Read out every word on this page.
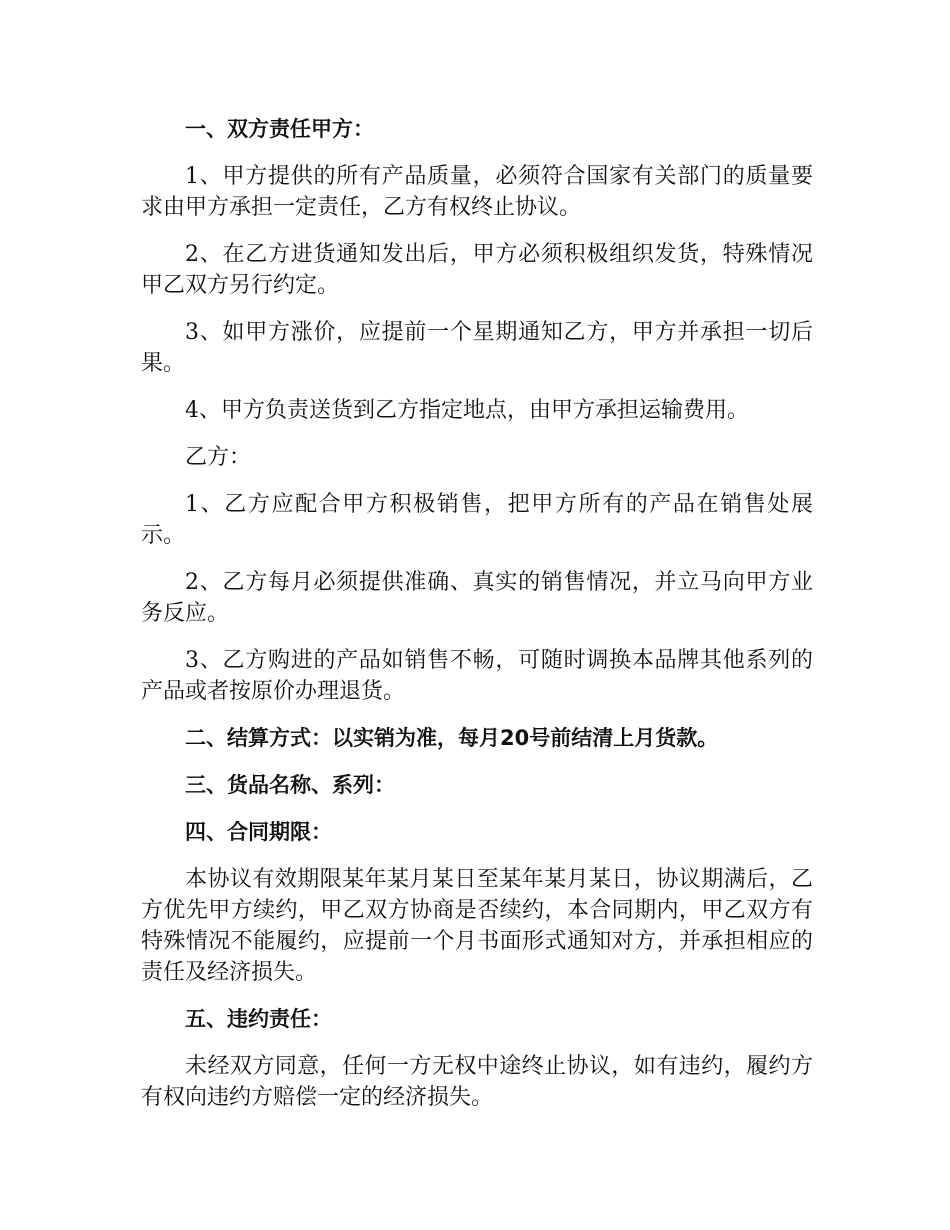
一、双方责任甲方：

1、甲方提供的所有产品质量，必须符合国家有关部门的质量要求由甲方承担一定责任，乙方有权终止协议。

2、在乙方进货通知发出后，甲方必须积极组织发货，特殊情况甲乙双方另行约定。

3、如甲方涨价，应提前一个星期通知乙方，甲方并承担一切后果。

4、甲方负责送货到乙方指定地点，由甲方承担运输费用。

乙方：

1、乙方应配合甲方积极销售，把甲方所有的产品在销售处展示。

2、乙方每月必须提供准确、真实的销售情况，并立马向甲方业务反应。

3、乙方购进的产品如销售不畅，可随时调换本品牌其他系列的产品或者按原价办理退货。

二、结算方式：以实销为准，每月20号前结清上月货款。

三、货品名称、系列：

四、合同期限：

本协议有效期限某年某月某日至某年某月某日，协议期满后，乙方优先甲方续约，甲乙双方协商是否续约，本合同期内，甲乙双方有特殊情况不能履约，应提前一个月书面形式通知对方，并承担相应的责任及经济损失。

五、违约责任：

未经双方同意，任何一方无权中途终止协议，如有违约，履约方有权向违约方赔偿一定的经济损失。
